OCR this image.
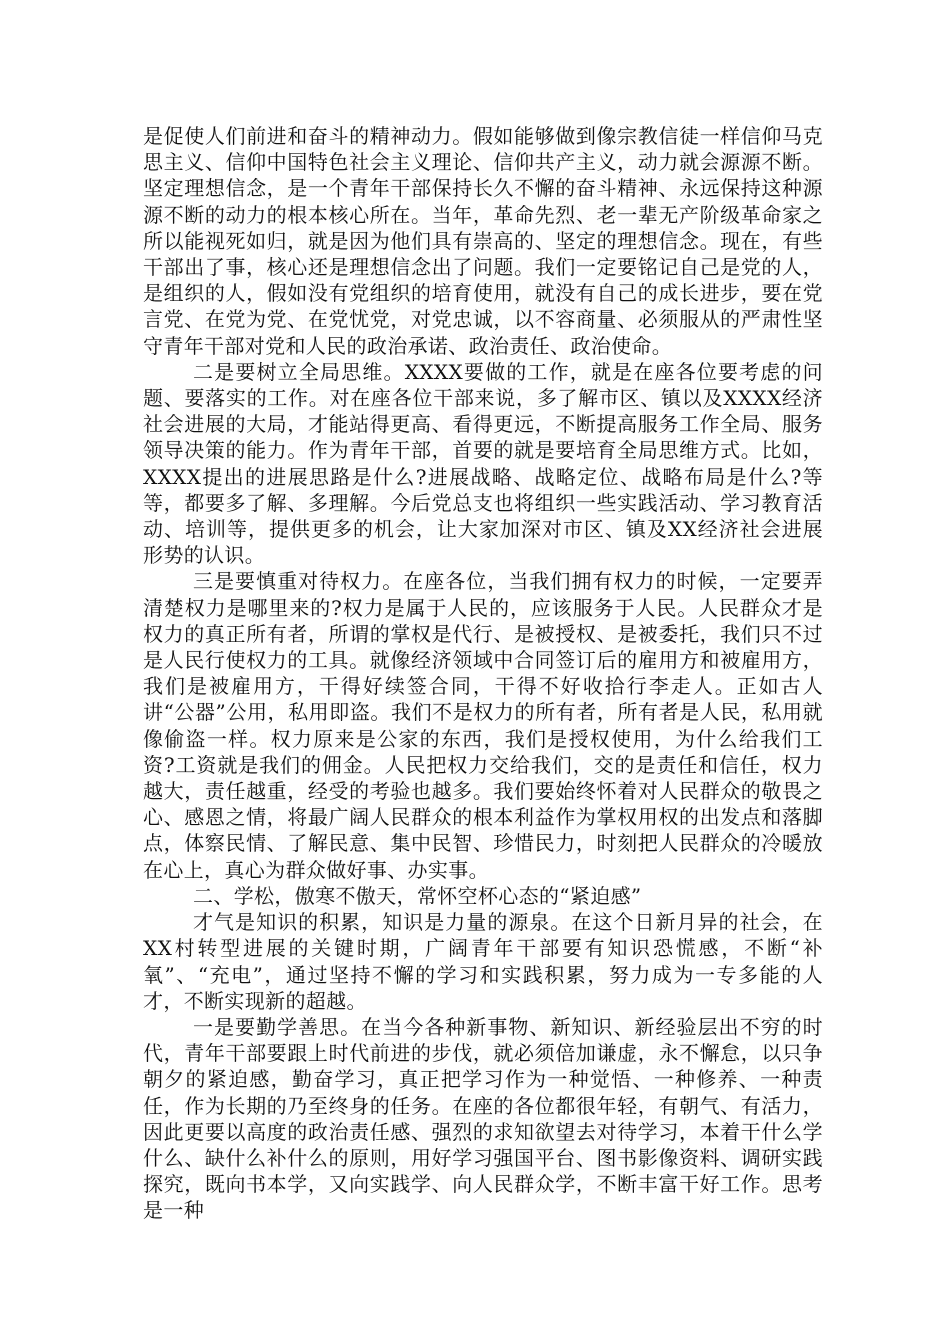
是促使人们前进和奋斗的精神动力。假如能够做到像宗教信徒一样信仰马克思主义、信仰中国特色社会主义理论、信仰共产主义，动力就会源源不断。坚定理想信念，是一个青年干部保持长久不懈的奋斗精神、永远保持这种源源不断的动力的根本核心所在。当年，革命先烈、老一辈无产阶级革命家之所以能视死如归，就是因为他们具有崇高的、坚定的理想信念。现在，有些干部出了事，核心还是理想信念出了问题。我们一定要铭记自己是党的人，是组织的人，假如没有党组织的培育使用，就没有自己的成长进步，要在党言党、在党为党、在党忧党，对党忠诚，以不容商量、必须服从的严肃性坚守青年干部对党和人民的政治承诺、政治责任、政治使命。

二是要树立全局思维。XXXX要做的工作，就是在座各位要考虑的问题、要落实的工作。对在座各位干部来说，多了解市区、镇以及XXXX经济社会进展的大局，才能站得更高、看得更远，不断提高服务工作全局、服务领导决策的能力。作为青年干部，首要的就是要培育全局思维方式。比如，XXXX提出的进展思路是什么?进展战略、战略定位、战略布局是什么?等等，都要多了解、多理解。今后党总支也将组织一些实践活动、学习教育活动、培训等，提供更多的机会，让大家加深对市区、镇及XX经济社会进展形势的认识。

三是要慎重对待权力。在座各位，当我们拥有权力的时候，一定要弄清楚权力是哪里来的?权力是属于人民的，应该服务于人民。人民群众才是权力的真正所有者，所谓的掌权是代行、是被授权、是被委托，我们只不过是人民行使权力的工具。就像经济领域中合同签订后的雇用方和被雇用方，我们是被雇用方，干得好续签合同，干得不好收拾行李走人。正如古人讲“公器”公用，私用即盗。我们不是权力的所有者，所有者是人民，私用就像偷盗一样。权力原来是公家的东西，我们是授权使用，为什么给我们工资?工资就是我们的佣金。人民把权力交给我们，交的是责任和信任，权力越大，责任越重，经受的考验也越多。我们要始终怀着对人民群众的敬畏之心、感恩之情，将最广阔人民群众的根本利益作为掌权用权的出发点和落脚点，体察民情、了解民意、集中民智、珍惜民力，时刻把人民群众的冷暖放在心上，真心为群众做好事、办实事。

二、学松，傲寒不傲天，常怀空杯心态的“紧迫感”

才气是知识的积累，知识是力量的源泉。在这个日新月异的社会，在XX村转型进展的关键时期，广阔青年干部要有知识恐慌感，不断“补氧”、“充电”，通过坚持不懈的学习和实践积累，努力成为一专多能的人才，不断实现新的超越。

一是要勤学善思。在当今各种新事物、新知识、新经验层出不穷的时代，青年干部要跟上时代前进的步伐，就必须倍加谦虚，永不懈怠，以只争朝夕的紧迫感，勤奋学习，真正把学习作为一种觉悟、一种修养、一种责任，作为长期的乃至终身的任务。在座的各位都很年轻，有朝气、有活力，因此更要以高度的政治责任感、强烈的求知欲望去对待学习，本着干什么学什么、缺什么补什么的原则，用好学习强国平台、图书影像资料、调研实践探究，既向书本学，又向实践学、向人民群众学，不断丰富干好工作。思考是一种
